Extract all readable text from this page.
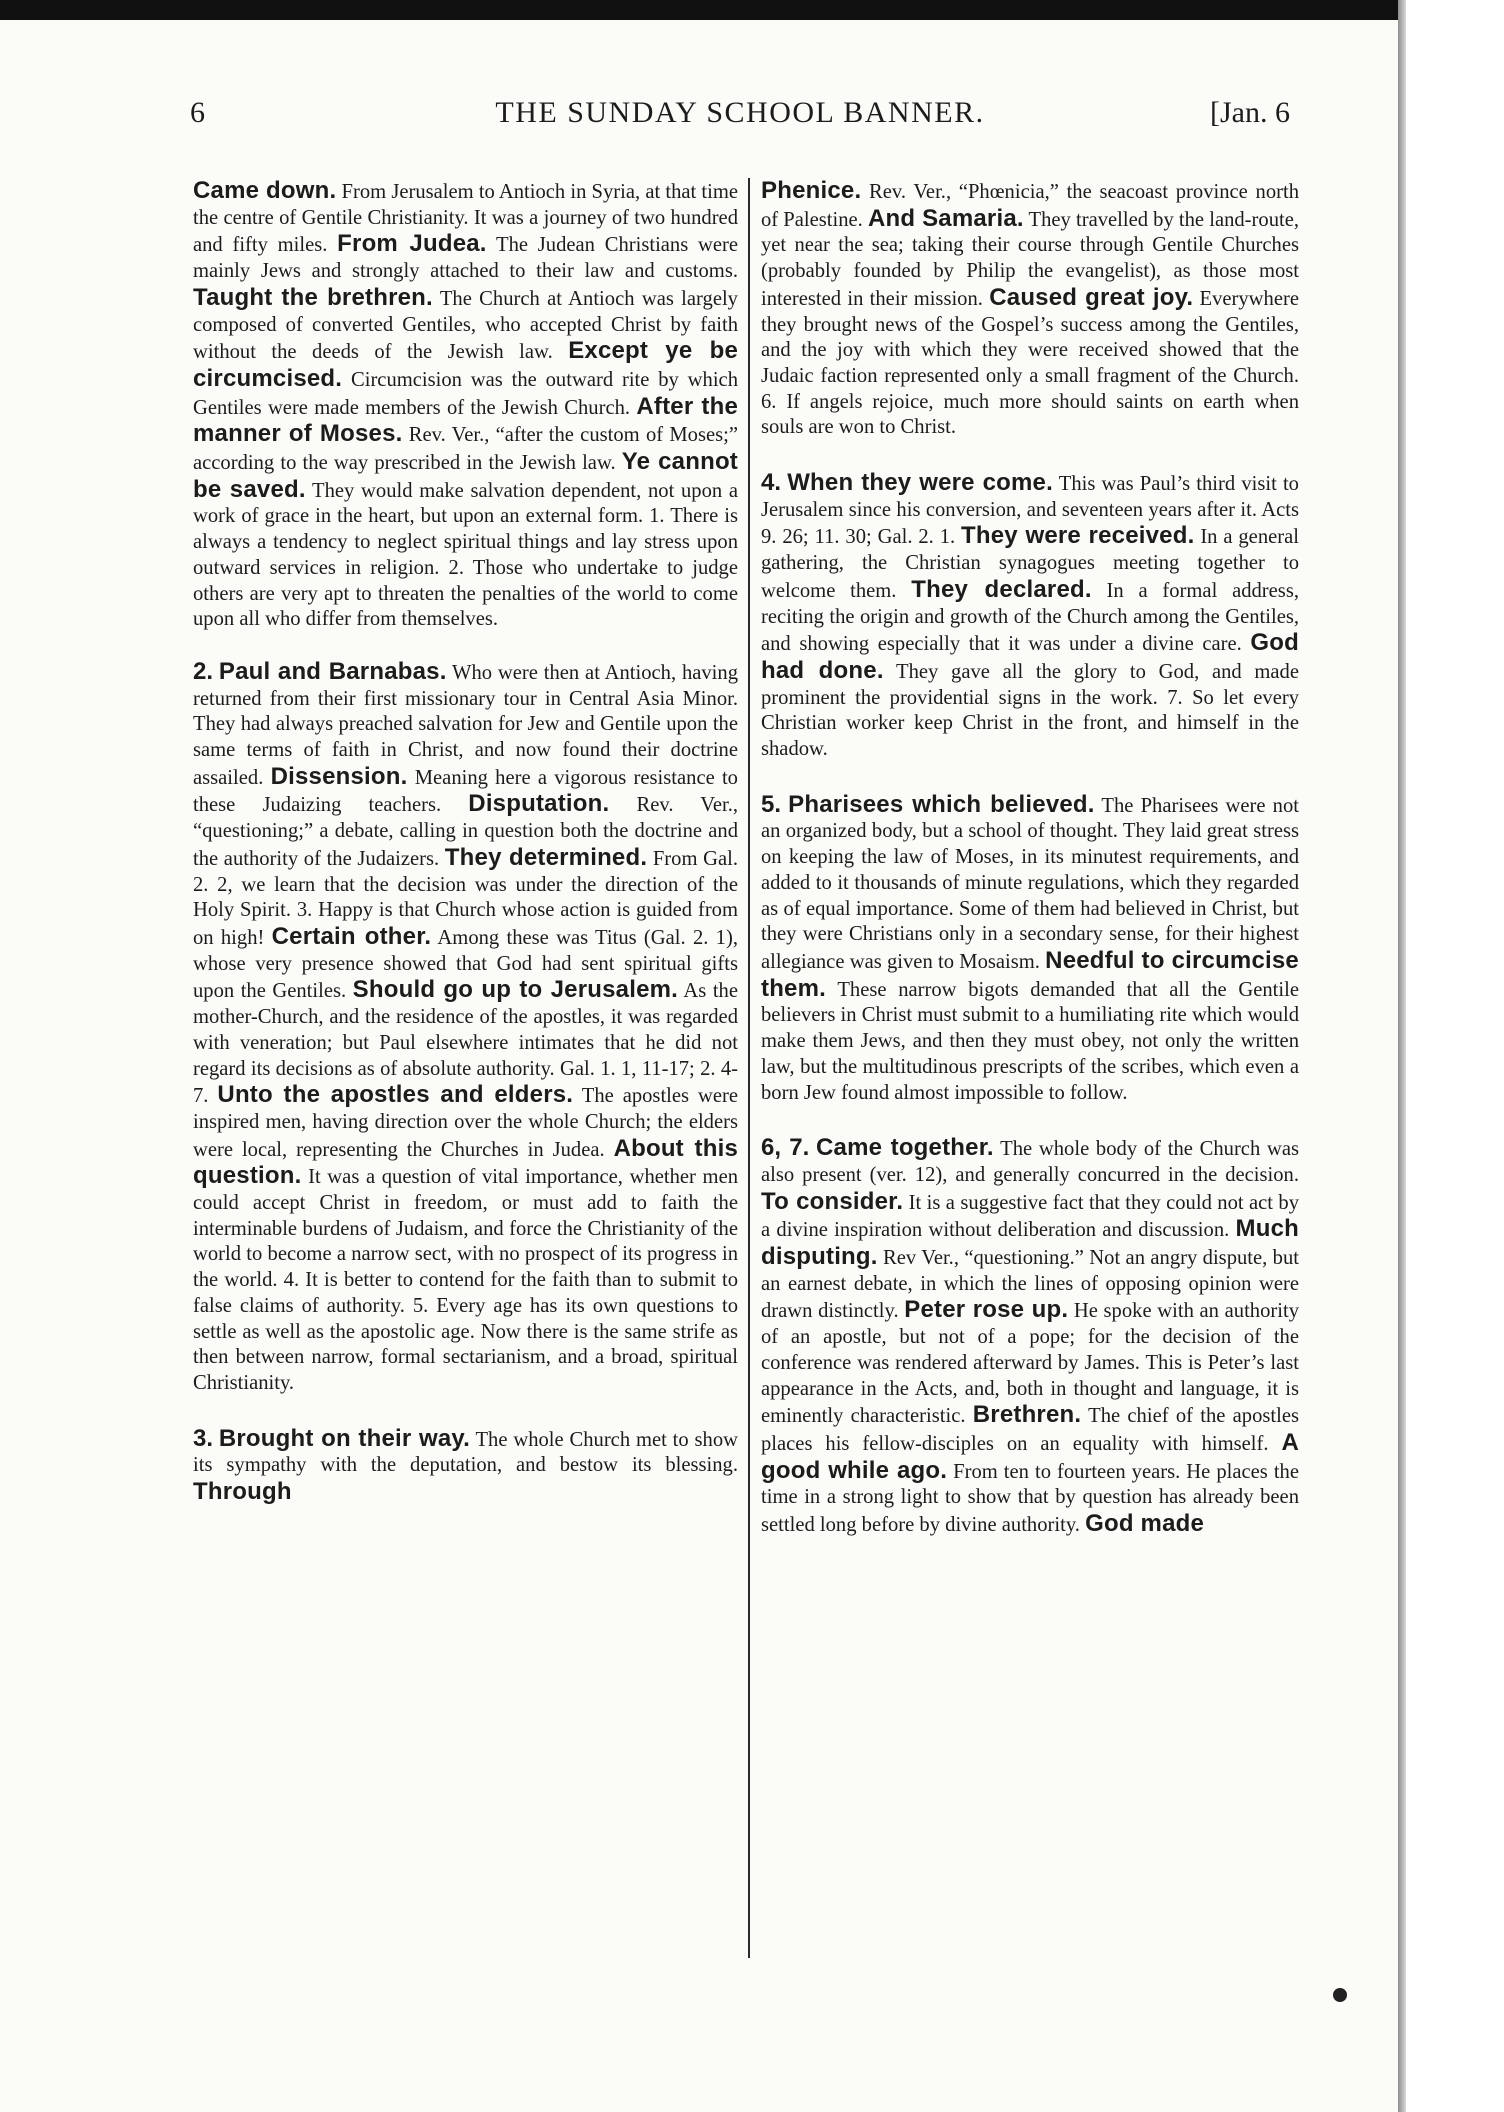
6	THE SUNDAY SCHOOL BANNER.	[Jan. 6

Came down. From Jerusalem to Antioch in Syria, at that time the centre of Gentile Christianity. It was a journey of two hundred and fifty miles. From Judea. The Judean Christians were mainly Jews and strongly attached to their law and customs. Taught the brethren. The Church at Antioch was largely composed of converted Gentiles, who accepted Christ by faith without the deeds of the Jewish law. Except ye be circumcised. Circumcision was the outward rite by which Gentiles were made members of the Jewish Church. After the manner of Moses. Rev. Ver., “after the custom of Moses;” according to the way prescribed in the Jewish law. Ye cannot be saved. They would make salvation dependent, not upon a work of grace in the heart, but upon an external form. 1. There is always a tendency to neglect spiritual things and lay stress upon outward services in religion. 2. Those who undertake to judge others are very apt to threaten the penalties of the world to come upon all who differ from themselves.

2. Paul and Barnabas. Who were then at Antioch, having returned from their first missionary tour in Central Asia Minor. They had always preached salvation for Jew and Gentile upon the same terms of faith in Christ, and now found their doctrine assailed. Dissension. Meaning here a vigorous resistance to these Judaizing teachers. Disputation. Rev. Ver., “questioning;” a debate, calling in question both the doctrine and the authority of the Judaizers. They determined. From Gal. 2. 2, we learn that the decision was under the direction of the Holy Spirit. 3. Happy is that Church whose action is guided from on high! Certain other. Among these was Titus (Gal. 2. 1), whose very presence showed that God had sent spiritual gifts upon the Gentiles. Should go up to Jerusalem. As the mother-Church, and the residence of the apostles, it was regarded with veneration; but Paul elsewhere intimates that he did not regard its decisions as of absolute authority. Gal. 1. 1, 11-17; 2. 4-7. Unto the apostles and elders. The apostles were inspired men, having direction over the whole Church; the elders were local, representing the Churches in Judea. About this question. It was a question of vital importance, whether men could accept Christ in freedom, or must add to faith the interminable burdens of Judaism, and force the Christianity of the world to become a narrow sect, with no prospect of its progress in the world. 4. It is better to contend for the faith than to submit to false claims of authority. 5. Every age has its own questions to settle as well as the apostolic age. Now there is the same strife as then between narrow, formal sectarianism, and a broad, spiritual Christianity.

3. Brought on their way. The whole Church met to show its sympathy with the deputation, and bestow its blessing. Through

Phenice. Rev. Ver., “Phœnicia,” the seacoast province north of Palestine. And Samaria. They travelled by the land-route, yet near the sea; taking their course through Gentile Churches (probably founded by Philip the evangelist), as those most interested in their mission. Caused great joy. Everywhere they brought news of the Gospel’s success among the Gentiles, and the joy with which they were received showed that the Judaic faction represented only a small fragment of the Church. 6. If angels rejoice, much more should saints on earth when souls are won to Christ.

4. When they were come. This was Paul’s third visit to Jerusalem since his conversion, and seventeen years after it. Acts 9. 26; 11. 30; Gal. 2. 1. They were received. In a general gathering, the Christian synagogues meeting together to welcome them. They declared. In a formal address, reciting the origin and growth of the Church among the Gentiles, and showing especially that it was under a divine care. God had done. They gave all the glory to God, and made prominent the providential signs in the work. 7. So let every Christian worker keep Christ in the front, and himself in the shadow.

5. Pharisees which believed. The Pharisees were not an organized body, but a school of thought. They laid great stress on keeping the law of Moses, in its minutest requirements, and added to it thousands of minute regulations, which they regarded as of equal importance. Some of them had believed in Christ, but they were Christians only in a secondary sense, for their highest allegiance was given to Mosaism. Needful to circumcise them. These narrow bigots demanded that all the Gentile believers in Christ must submit to a humiliating rite which would make them Jews, and then they must obey, not only the written law, but the multitudinous prescripts of the scribes, which even a born Jew found almost impossible to follow.

6, 7. Came together. The whole body of the Church was also present (ver. 12), and generally concurred in the decision. To consider. It is a suggestive fact that they could not act by a divine inspiration without deliberation and discussion. Much disputing. Rev Ver., “questioning.” Not an angry dispute, but an earnest debate, in which the lines of opposing opinion were drawn distinctly. Peter rose up. He spoke with an authority of an apostle, but not of a pope; for the decision of the conference was rendered afterward by James. This is Peter’s last appearance in the Acts, and, both in thought and language, it is eminently characteristic. Brethren. The chief of the apostles places his fellow-disciples on an equality with himself. A good while ago. From ten to fourteen years. He places the time in a strong light to show that by question has already been settled long before by divine authority. God made
